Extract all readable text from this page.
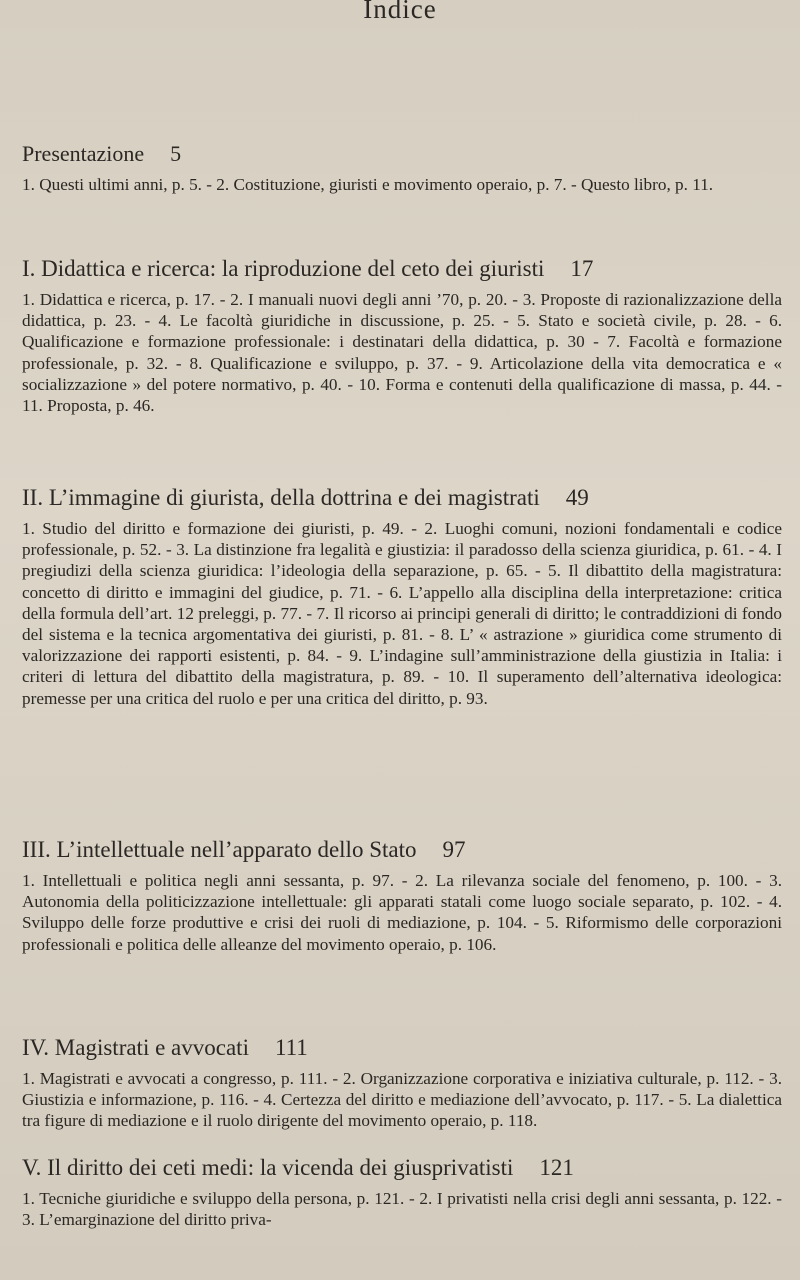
Indice
Presentazione 5

1. Questi ultimi anni, p. 5. - 2. Costituzione, giuristi e movimento operaio, p. 7. - Questo libro, p. 11.

I. Didattica e ricerca: la riproduzione del ceto dei giuristi 17

1. Didattica e ricerca, p. 17. - 2. I manuali nuovi degli anni ’70, p. 20. - 3. Proposte di razionalizzazione della didattica, p. 23. - 4. Le facoltà giuridiche in discussione, p. 25. - 5. Stato e società civile, p. 28. - 6. Qualificazione e formazione professionale: i destinatari della didattica, p. 30 - 7. Facoltà e formazione professionale, p. 32. - 8. Qualificazione e sviluppo, p. 37. - 9. Articolazione della vita democratica e « socializzazione » del potere normativo, p. 40. - 10. Forma e contenuti della qualificazione di massa, p. 44. - 11. Proposta, p. 46.

II. L’immagine di giurista, della dottrina e dei magistrati 49

1. Studio del diritto e formazione dei giuristi, p. 49. - 2. Luoghi comuni, nozioni fondamentali e codice professionale, p. 52. - 3. La distinzione fra legalità e giustizia: il paradosso della scienza giuridica, p. 61. - 4. I pregiudizi della scienza giuridica: l’ideologia della separazione, p. 65. - 5. Il dibattito della magistratura: concetto di diritto e immagini del giudice, p. 71. - 6. L’appello alla disciplina della interpretazione: critica della formula dell’art. 12 preleggi, p. 77. - 7. Il ricorso ai principi generali di diritto; le contraddizioni di fondo del sistema e la tecnica argomentativa dei giuristi, p. 81. - 8. L’ « astrazione » giuridica come strumento di valorizzazione dei rapporti esistenti, p. 84. - 9. L’indagine sull’amministrazione della giustizia in Italia: i criteri di lettura del dibattito della magistratura, p. 89. - 10. Il superamento dell’alternativa ideologica: premesse per una critica del ruolo e per una critica del diritto, p. 93.

III. L’intellettuale nell’apparato dello Stato 97

1. Intellettuali e politica negli anni sessanta, p. 97. - 2. La rilevanza sociale del fenomeno, p. 100. - 3. Autonomia della politicizzazione intellettuale: gli apparati statali come luogo sociale separato, p. 102. - 4. Sviluppo delle forze produttive e crisi dei ruoli di mediazione, p. 104. - 5. Riformismo delle corporazioni professionali e politica delle alleanze del movimento operaio, p. 106.

IV. Magistrati e avvocati 111

1. Magistrati e avvocati a congresso, p. 111. - 2. Organizzazione corporativa e iniziativa culturale, p. 112. - 3. Giustizia e informazione, p. 116. - 4. Certezza del diritto e mediazione dell’avvocato, p. 117. - 5. La dialettica tra figure di mediazione e il ruolo dirigente del movimento operaio, p. 118.

V. Il diritto dei ceti medi: la vicenda dei giusprivatisti 121

1. Tecniche giuridiche e sviluppo della persona, p. 121. - 2. I privatisti nella crisi degli anni sessanta, p. 122. - 3. L’emarginazione del diritto priva-
